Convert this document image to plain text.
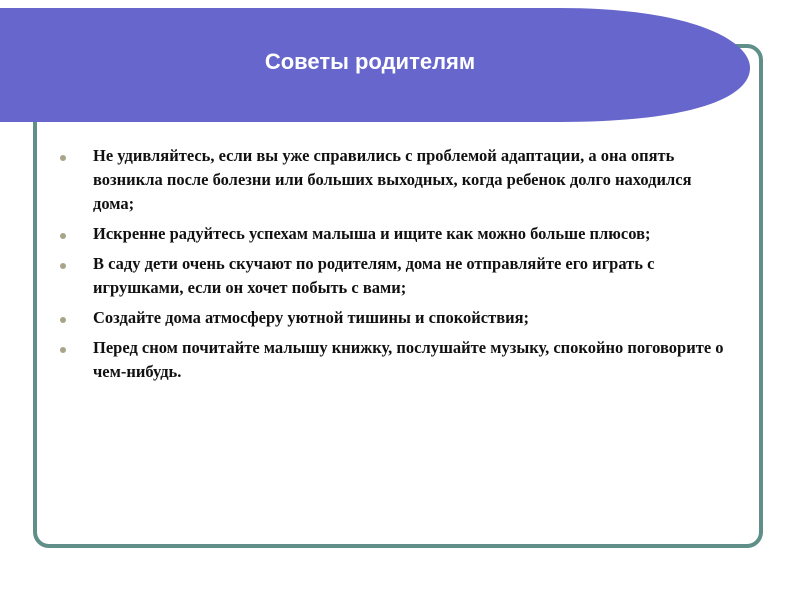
Советы родителям
Не удивляйтесь, если вы уже справились с проблемой адаптации, а она опять возникла после болезни или больших выходных, когда ребенок долго находился дома;
Искренне радуйтесь успехам малыша и ищите как можно больше плюсов;
В саду дети очень скучают по родителям, дома не отправляйте его играть с игрушками, если он хочет побыть с вами;
Создайте дома атмосферу уютной тишины и спокойствия;
Перед сном почитайте малышу книжку, послушайте музыку, спокойно поговорите о чем-нибудь.
